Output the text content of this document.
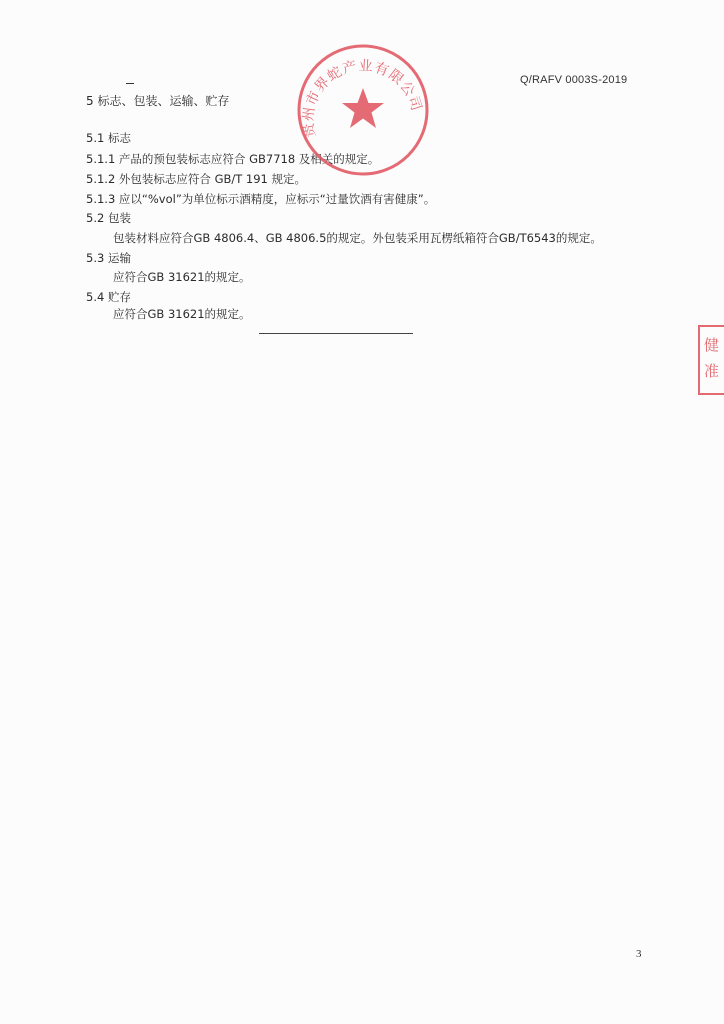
Q/RAFV 0003S-2019
5 标志、包装、运输、贮存
5.1 标志
5.1.1 产品的预包装标志应符合 GB7718 及相关的规定。
5.1.2 外包装标志应符合 GB/T 191 规定。
5.1.3 应以“%vol”为单位标示酒精度，应标示“过量饮酒有害健康”。
5.2 包装
包装材料应符合GB 4806.4、GB 4806.5的规定。外包装采用瓦楞纸箱符合GB/T6543的规定。
5.3 运输
应符合GB 31621的规定。
5.4 贮存
应符合GB 31621的规定。
贵州市界蛇产业有限公司
健
准
3
